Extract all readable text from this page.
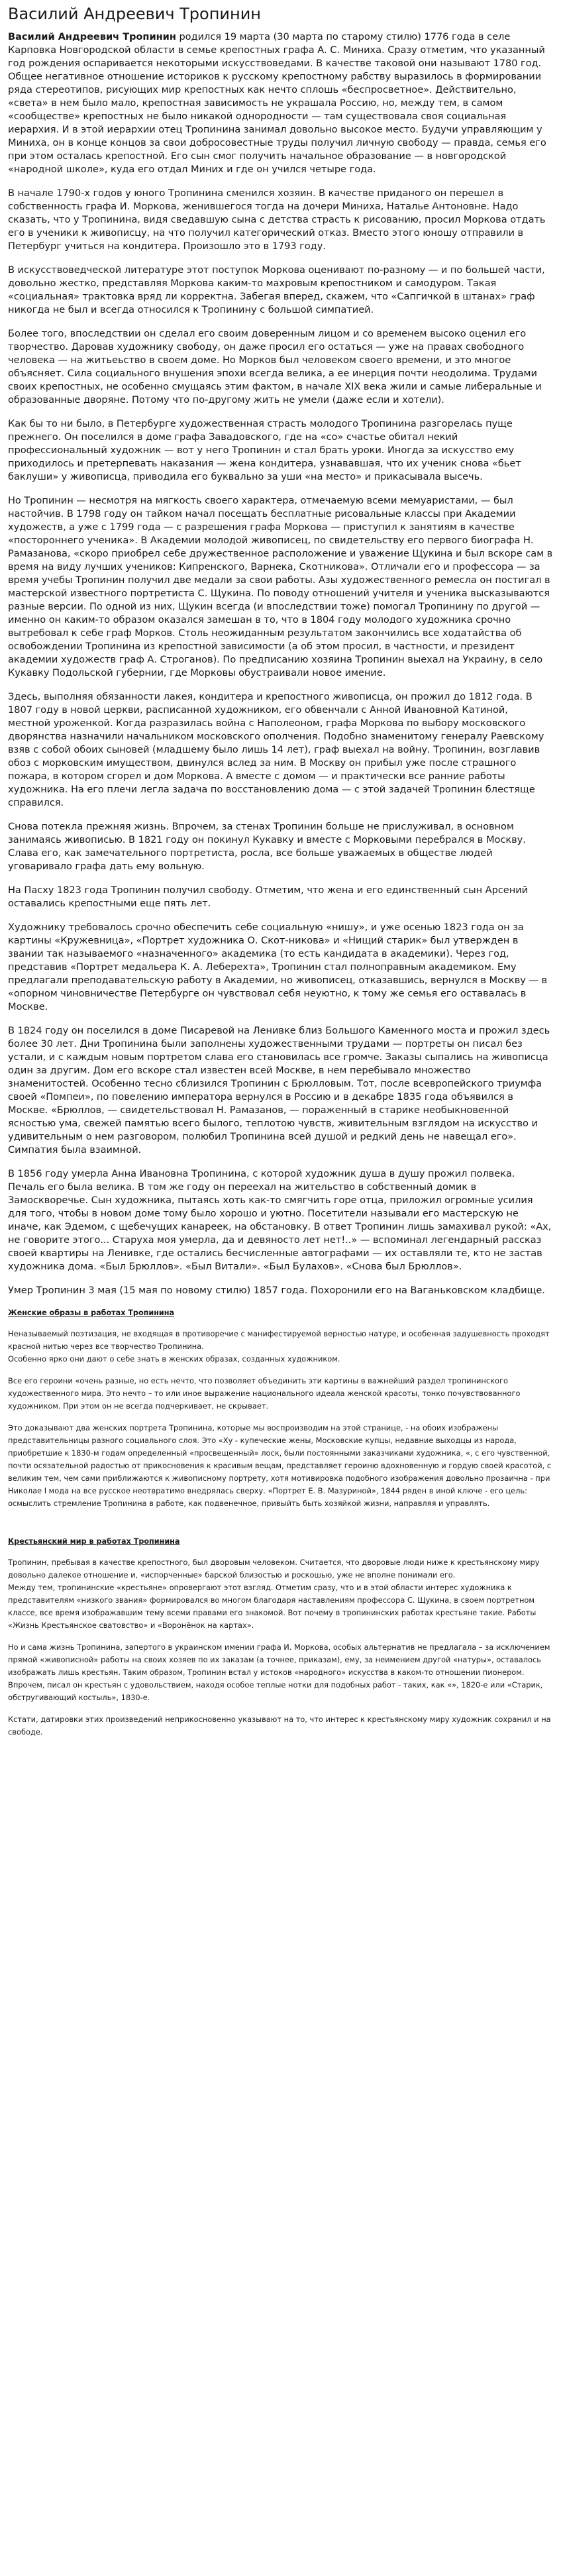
Василий Андреевич Тропинин

Василий Андреевич Тропинин родился 19 марта (30 марта по старому стилю) 1776 года в селе Карповка Новгородской области в семье крепостных графа А. С. Миниха. Сразу отметим, что указанный год рождения оспаривается некоторыми искусствоведами. В качестве таковой они называют 1780 год.

Общее негативное отношение историков к русскому крепостному рабству выразилось в формировании ряда стереотипов, рисующих мир крепостных как нечто сплошь «беспросветное». Действительно, «света» в нем было мало, крепостная зависимость не украшала Россию, но, между тем, в самом «сообществе» крепостных не было никакой однородности — там существовала своя социальная иерархия. И в этой иерархии отец Тропинина занимал довольно высокое место. Будучи управляющим у Миниха, он в конце концов за свои добросовестные труды получил личную свободу — правда, семья его при этом осталась крепостной. Его сын смог получить начальное образование — в новгородской «народной школе», куда его отдал Миних и где он учился четыре года.

В начале 1790-х годов у юного Тропинина сменился хозяин. В качестве приданого он перешел в собственность графа И. Моркова, женившегося тогда на дочери Миниха, Наталье Антоновне. Надо сказать, что у Тропинина, видя сведавшую сына с детства страсть к рисованию, просил Моркова отдать его в ученики к живописцу, на что получил категорический отказ. Вместо этого юношу отправили в Петербург учиться на кондитера. Произошло это в 1793 году.

В искусствоведческой литературе этот поступок Моркова оценивают по-разному — и по большей части, довольно жестко, представляя Моркова каким-то махровым крепостником и самодуром. Такая «социальная» трактовка вряд ли корректна. Забегая вперед, скажем, что «Сапгичкой в штанах» граф никогда не был и всегда относился к Тропинину с большой симпатией.

Более того, впоследствии он сделал его своим доверенным лицом и со временем высоко оценил его творчество. Даровав художнику свободу, он даже просил его остаться — уже на правах свободного человека — на житьеьство в своем доме. Но Морков был человеком своего времени, и это многое объясняет. Сила социального внушения эпохи всегда велика, а ее инерция почти неодолима. Трудами своих крепостных, не особенно смущаясь этим фактом, в начале XIX века жили и самые либеральные и образованные дворяне. Потому что по-другому жить не умели (даже если и хотели).

Как бы то ни было, в Петербурге художественная страсть молодого Тропинина разгорелась пуще прежнего. Он поселился в доме графа Завадовского, где на «со» счастье обитал некий профессиональный художник — вот у него Тропинин и стал брать уроки. Иногда за искусство ему приходилось и претерпевать наказания — жена кондитера, узнававшая, что их ученик снова «бьет баклуши» у живописца, приводила его буквально за уши «на место» и прикасывала высечь.

Но Тропинин — несмотря на мягкость своего характера, отмечаемую всеми мемуаристами, — был настойчив. В 1798 году он тайком начал посещать бесплатные рисовальные классы при Академии художеств, а уже с 1799 года — с разрешения графа Моркова — приступил к занятиям в качестве «постороннего ученика». В Академии молодой живописец, по свидетельству его первого биографа Н. Рамазанова, «скоро приобрел себе дружественное расположение и уважение Щукина и был вскоре сам в время на виду лучших учеников: Кипренского, Варнека, Скотникова». Отличали его и профессора — за время учебы Тропинин получил две медали за свои работы. Азы художественного ремесла он постигал в мастерской известного портретиста С. Щукина. По поводу отношений учителя и ученика высказываются разные версии. По одной из них, Щукин всегда (и впоследствии тоже) помогал Тропинину по другой — именно он каким-то образом оказался замешан в то, что в 1804 году молодого художника срочно вытребовал к себе граф Морков. Столь неожиданным результатом закончились все ходатайства об освобождении Тропинина из крепостной зависимости (а об этом просил, в частности, и президент академии художеств граф А. Строганов). По предписанию хозяина Тропинин выехал на Украину, в село Кукавку Подольской губернии, где Морковы обустраивали новое имение.

Здесь, выполняя обязанности лакея, кондитера и крепостного живописца, он прожил до 1812 года. В 1807 году в новой церкви, расписанной художником, его обвенчали с Анной Ивановной Катиной, местной уроженкой. Когда разразилась война с Наполеоном, графа Моркова по выбору московского дворянства назначили начальником московского ополчения. Подобно знаменитому генералу Раевскому взяв с собой обоих сыновей (младшему было лишь 14 лет), граф выехал на войну. Тропинин, возглавив обоз с морковским имуществом, двинулся вслед за ним. В Москву он прибыл уже после страшного пожара, в котором сгорел и дом Моркова. А вместе с домом — и практически все ранние работы художника. На его плечи легла задача по восстановлению дома — с этой задачей Тропинин блестяще справился.

Снова потекла прежняя жизнь. Впрочем, за стенах Тропинин больше не прислуживал, в основном занимаясь живописью. В 1821 году он покинул Кукавку и вместе с Морковыми перебрался в Москву. Слава его, как замечательного портретиста, росла, все больше уважаемых в обществе людей уговаривало графа дать ему вольную.

На Пасху 1823 года Тропинин получил свободу. Отметим, что жена и его единственный сын Арсений оставались крепостными еще пять лет.

Художнику требовалось срочно обеспечить себе социальную «нишу», и уже осенью 1823 года он за картины «Кружевница», «Портрет художника О. Скот-никова» и «Нищий старик» был утвержден в звании так называемого «назначенного» академика (то есть кандидата в академики). Через год, представив «Портрет медальера К. А. Леберехта», Тропинин стал полноправным академиком. Ему предлагали преподавательскую работу в Академии, но живописец, отказавшись, вернулся в Москву — в «опорном чиновничестве Петербурге он чувствовал себя неуютно, к тому же семья его оставалась в Москве.

В 1824 году он поселился в доме Писаревой на Ленивке близ Большого Каменного моста и прожил здесь более 30 лет. Дни Тропинина были заполнены художественными трудами — портреты он писал без устали, и с каждым новым портретом слава его становилась все громче. Заказы сыпались на живописца один за другим. Дом его вскоре стал известен всей Москве, в нем перебывало множество знаменитостей. Особенно тесно сблизился Тропинин с Брюлловым. Тот, после всевропейского триумфа своей «Помпеи», по повелению императора вернулся в Россию и в декабре 1835 года объявился в Москве. «Брюллов, — свидетельствовал Н. Рамазанов, — пораженный в старике необыкновенной ясностью ума, свежей памятью всего былого, теплотою чувств, живительным взглядом на искусство и удивительным о нем разговором, полюбил Тропинина всей душой и редкий день не навещал его». Симпатия была взаимной.

В 1856 году умерла Анна Ивановна Тропинина, с которой художник душа в душу прожил полвека. Печаль его была велика. В том же году он переехал на жительство в собственный домик в Замоскворечье. Сын художника, пытаясь хоть как-то смягчить горе отца, приложил огромные усилия для того, чтобы в новом доме тому было хорошо и уютно. Посетители называли его мастерскую не иначе, как Эдемом, с щебечущих канареек, на обстановку. В ответ Тропинин лишь замахивал рукой: «Ах, не говорите этого... Старуха моя умерла, да и девяносто лет нет!..» — вспоминал легендарный рассказ своей квартиры на Ленивке, где остались бесчисленные автографами — их оставляли те, кто не застав художника дома. «Был Брюллов». «Был Витали». «Был Булахов». «Снова был Брюллов».

Умер Тропинин 3 мая (15 мая по новому стилю) 1857 года. Похоронили его на Ваганьковском кладбище.

Женские образы в работах Тропинина

Неназываемый поэтизация, не входящая в противоречие с манифестируемой верностью натуре, и особенная задушевность проходят красной нитью через все творчество Тропинина.

Особенно ярко они дают о себе знать в женских образах, созданных художником.

Все его героини «очень разные, но есть нечто, что позволяет объединить эти картины в важнейший раздел тропининского художественного мира. Это нечто – то или иное выражение национального идеала женской красоты, тонко почувствованного художником. При этом он не всегда подчеркивает, не скрывает.

Это доказывают два женских портрета Тропинина, которые мы воспроизводим на этой странице, - на обоих изображены представительницы разного социального слоя. Это «Ху - купеческие жены, Московские купцы, недавние выходцы из народа, приобретшие к 1830-м годам определенный «просвещенный» лоск, были постоянными заказчиками художника, «, с его чувственной, почти осязательной радостью от прикосновения к красивым вещам, представляет героиню вдохновенную и гордую своей красотой, с великим тем, чем сами приближаются к живописному портрету, хотя мотивировка подобного изображения довольно прозаична - при Николае I мода на все русское неотвратимо внедрялась сверху. «Портрет Е. В. Мазуриной», 1844 ряден в иной ключе - его цель: осмыслить стремление Тропинина в работе, как подвенечное, привыйть быть хозяйкой жизни, направляя и управлять.

Крестьянский мир в работах Тропинина

Тропинин, пребывая в качестве крепостного, был дворовым человеком. Считается, что дворовые люди ниже к крестьянскому миру довольно далекое отношение и, «испорченные» барской близостью и роскошью, уже не вполне понимали его.

Между тем, тропининские «крестьяне» опровергают этот взгляд. Отметим сразу, что и в этой области интерес художника к представителям «низкого звания» формировался во многом благодаря наставлениям профессора С. Щукина, в своем портретном классе, все время изображавшим тему всеми правами его знакомой. Вот почему в тропининских работах крестьяне такие. Работы «Жизнь Крестьянское сватовство» и «Воронёнок на картах».

Но и сама жизнь Тропинина, запертого в украинском имении графа И. Моркова, особых альтернатив не предлагала – за исключением прямой «живописной» работы на своих хозяев по их заказам (а точнее, приказам), ему, за неимением другой «натуры», оставалось изображать лишь крестьян. Таким образом, Тропинин встал у истоков «народного» искусства в каком-то отношении пионером. Впрочем, писал он крестьян с удовольствием, находя особое теплые нотки для подобных работ - таких, как «», 1820-е или «Старик, обстругивающий костыль», 1830-е.

Кстати, датировки этих произведений неприкосновенно указывают на то, что интерес к крестьянскому миру художник сохранил и на свободе.
